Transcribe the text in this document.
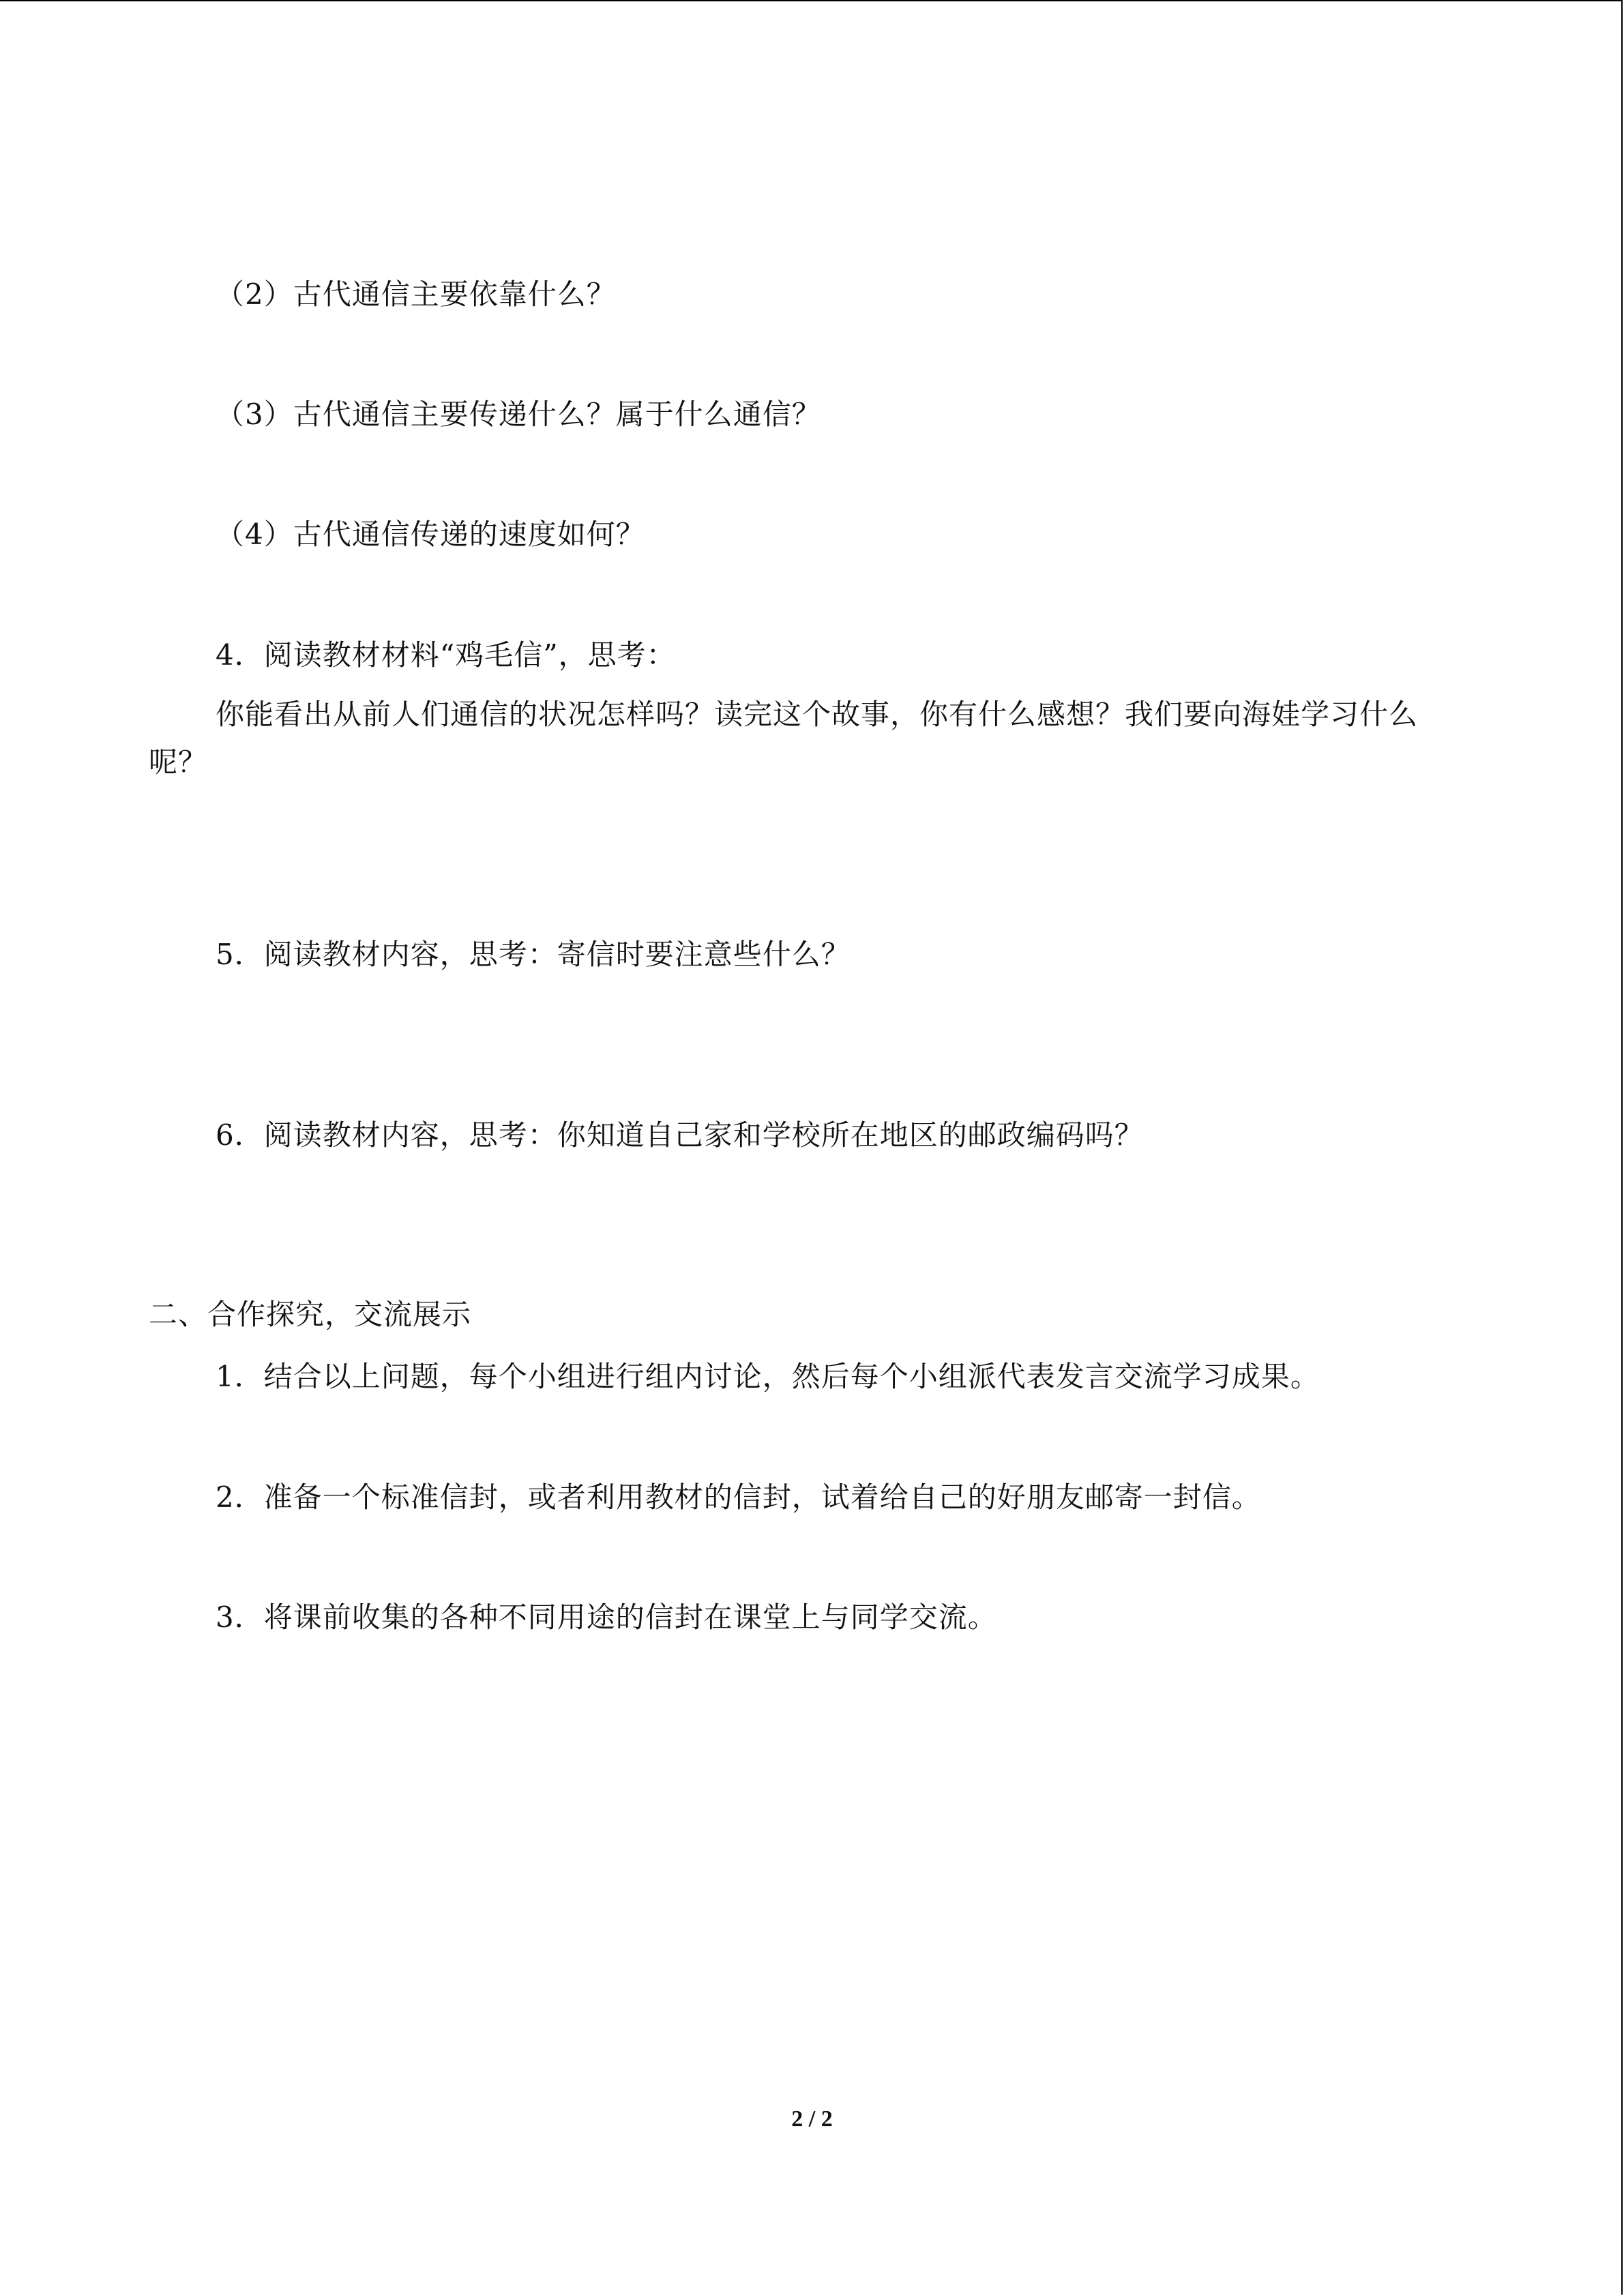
（2）古代通信主要依靠什么？
（3）古代通信主要传递什么？属于什么通信？
（4）古代通信传递的速度如何？
4．阅读教材材料“鸡毛信”，思考：
你能看出从前人们通信的状况怎样吗？读完这个故事，你有什么感想？我们要向海娃学习什么呢？
5．阅读教材内容，思考：寄信时要注意些什么？
6．阅读教材内容，思考：你知道自己家和学校所在地区的邮政编码吗？
二、合作探究，交流展示
1．结合以上问题，每个小组进行组内讨论，然后每个小组派代表发言交流学习成果。
2．准备一个标准信封，或者利用教材的信封，试着给自己的好朋友邮寄一封信。
3．将课前收集的各种不同用途的信封在课堂上与同学交流。
2 / 2
